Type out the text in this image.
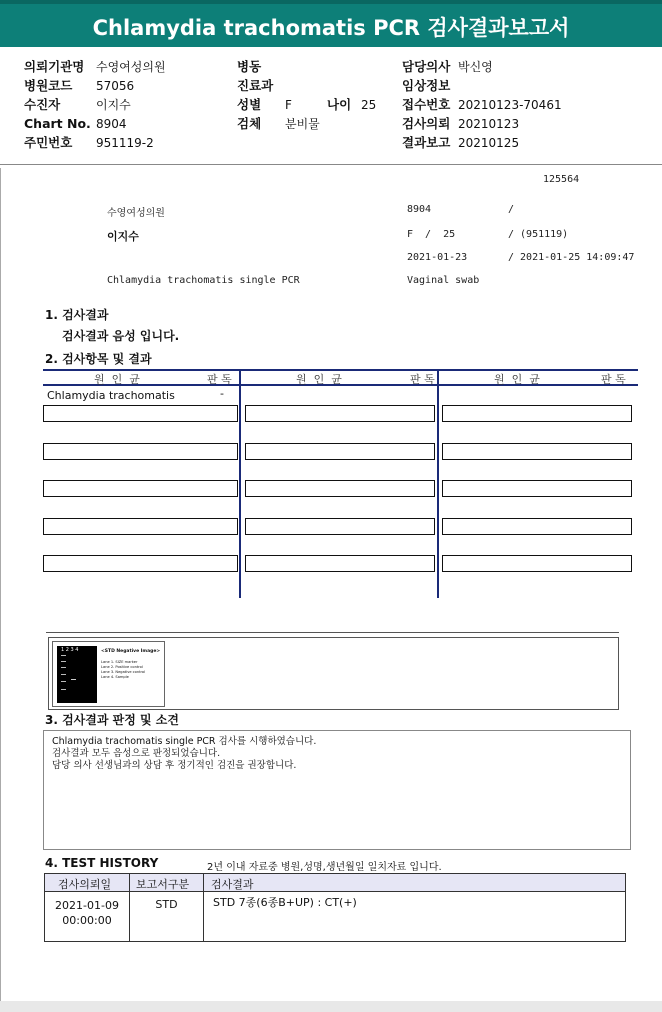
Chlamydia trachomatis PCR 검사결과보고서
의뢰기관명 수영여성의원
병원코드 57056
수진자	이지수
Chart No. 8904
주민번호 951119-2
병동
진료과
성별 F	나이 25
검체 분비물
담당의사 박신영
임상정보
접수번호 20210123-70461
검사의뢰 20210123
결과보고 20210125
125564
수영여성의원	8904	/
이지수	F  /  25	/ (951119)
2021-01-23	/ 2021-01-25 14:09:47
Chlamydia trachomatis single PCR	Vaginal swab
1. 검사결과
검사결과 음성 입니다.
2. 검사항목 및 결과
원  인  균	판 독	원  인  균	판 독	원  인  균	판 독
Chlamydia trachomatis	-
1 2 3 4	<STD Negative Image>
Lane 1. SIZE marker
Lane 2. Positive control
Lane 3. Negative control
Lane 4. Sample
3. 검사결과 판정 및 소견
Chlamydia trachomatis single PCR 검사를 시행하였습니다.
검사결과 모두 음성으로 판정되었습니다.
담당 의사 선생님과의 상담 후 정기적인 검진을 권장합니다.
4. TEST HISTORY	2년 이내 자료중 병원,성명,생년월일 일치자료 입니다.
검사의뢰일 보고서구분 검사결과
2021-01-09
00:00:00
STD	STD 7종(6종B+UP) : CT(+)
